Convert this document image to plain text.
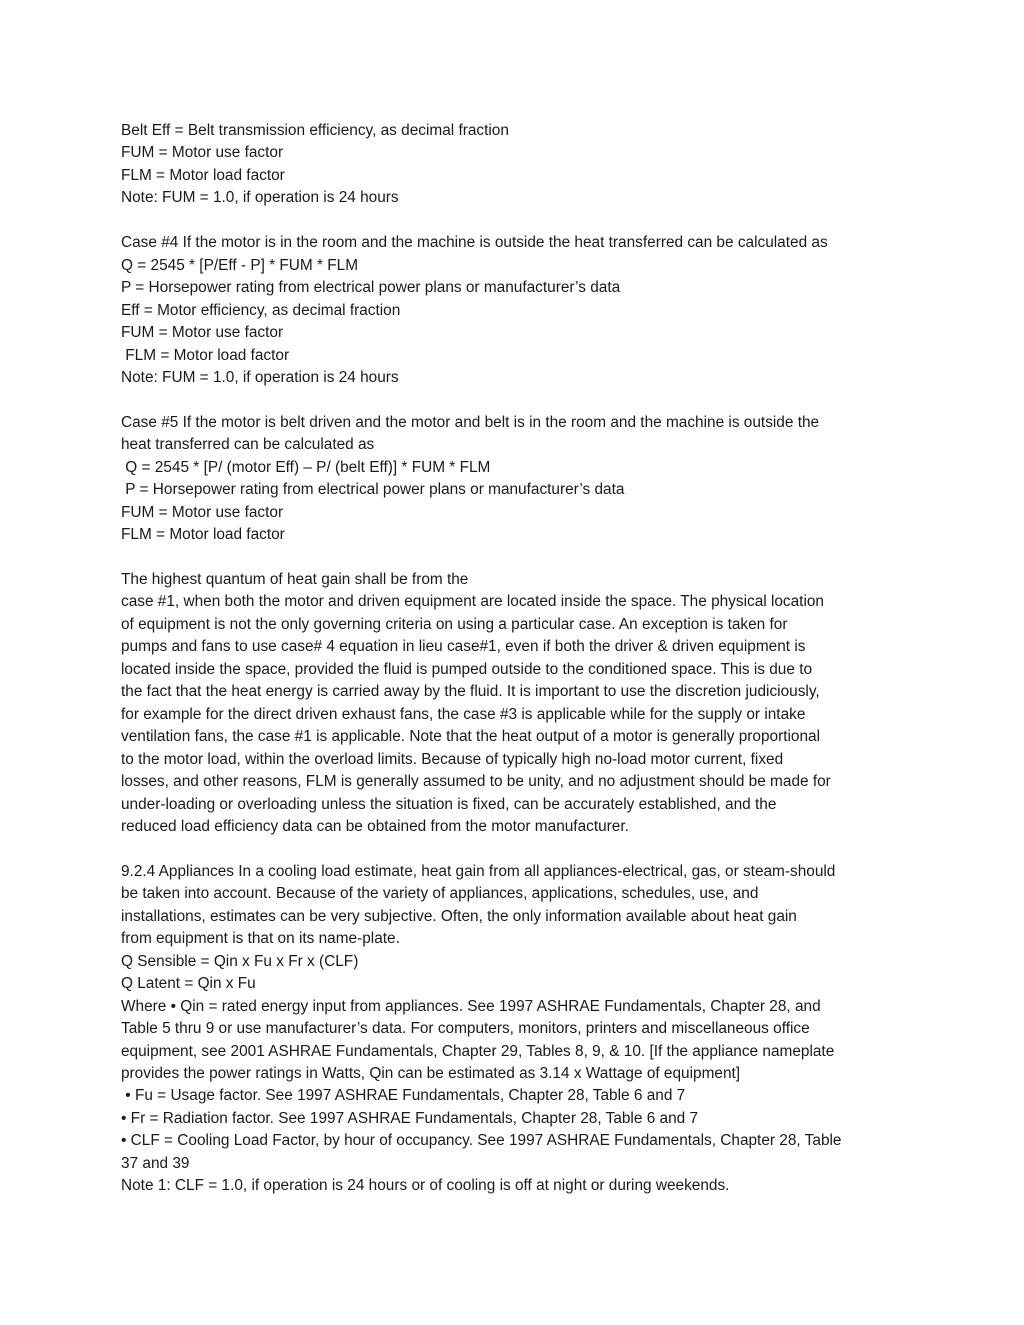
Belt Eff = Belt transmission efficiency, as decimal fraction
FUM = Motor use factor
FLM = Motor load factor
Note: FUM = 1.0, if operation is 24 hours
Case #4 If the motor is in the room and the machine is outside the heat transferred can be calculated as
Q = 2545 * [P/Eff - P] * FUM * FLM
P = Horsepower rating from electrical power plans or manufacturer’s data
Eff = Motor efficiency, as decimal fraction
FUM = Motor use factor
FLM = Motor load factor
Note: FUM = 1.0, if operation is 24 hours
Case #5 If the motor is belt driven and the motor and belt is in the room and the machine is outside the
heat transferred can be calculated as
Q = 2545 * [P/ (motor Eff) – P/ (belt Eff)] * FUM * FLM
P = Horsepower rating from electrical power plans or manufacturer’s data
FUM = Motor use factor
FLM = Motor load factor
The highest quantum of heat gain shall be from the
case #1, when both the motor and driven equipment are located inside the space. The physical location
of equipment is not the only governing criteria on using a particular case. An exception is taken for
pumps and fans to use case# 4 equation in lieu case#1, even if both the driver & driven equipment is
located inside the space, provided the fluid is pumped outside to the conditioned space. This is due to
the fact that the heat energy is carried away by the fluid. It is important to use the discretion judiciously,
for example for the direct driven exhaust fans, the case #3 is applicable while for the supply or intake
ventilation fans, the case #1 is applicable. Note that the heat output of a motor is generally proportional
to the motor load, within the overload limits. Because of typically high no-load motor current, fixed
losses, and other reasons, FLM is generally assumed to be unity, and no adjustment should be made for
under-loading or overloading unless the situation is fixed, can be accurately established, and the
reduced load efficiency data can be obtained from the motor manufacturer.
9.2.4 Appliances In a cooling load estimate, heat gain from all appliances-electrical, gas, or steam-should
be taken into account. Because of the variety of appliances, applications, schedules, use, and
installations, estimates can be very subjective. Often, the only information available about heat gain
from equipment is that on its name-plate.
Q Sensible = Qin x Fu x Fr x (CLF)
Q Latent = Qin x Fu
Where • Qin = rated energy input from appliances. See 1997 ASHRAE Fundamentals, Chapter 28, and
Table 5 thru 9 or use manufacturer’s data. For computers, monitors, printers and miscellaneous office
equipment, see 2001 ASHRAE Fundamentals, Chapter 29, Tables 8, 9, & 10. [If the appliance nameplate
provides the power ratings in Watts, Qin can be estimated as 3.14 x Wattage of equipment]
• Fu = Usage factor. See 1997 ASHRAE Fundamentals, Chapter 28, Table 6 and 7
• Fr = Radiation factor. See 1997 ASHRAE Fundamentals, Chapter 28, Table 6 and 7
• CLF = Cooling Load Factor, by hour of occupancy. See 1997 ASHRAE Fundamentals, Chapter 28, Table
37 and 39
Note 1: CLF = 1.0, if operation is 24 hours or of cooling is off at night or during weekends.
